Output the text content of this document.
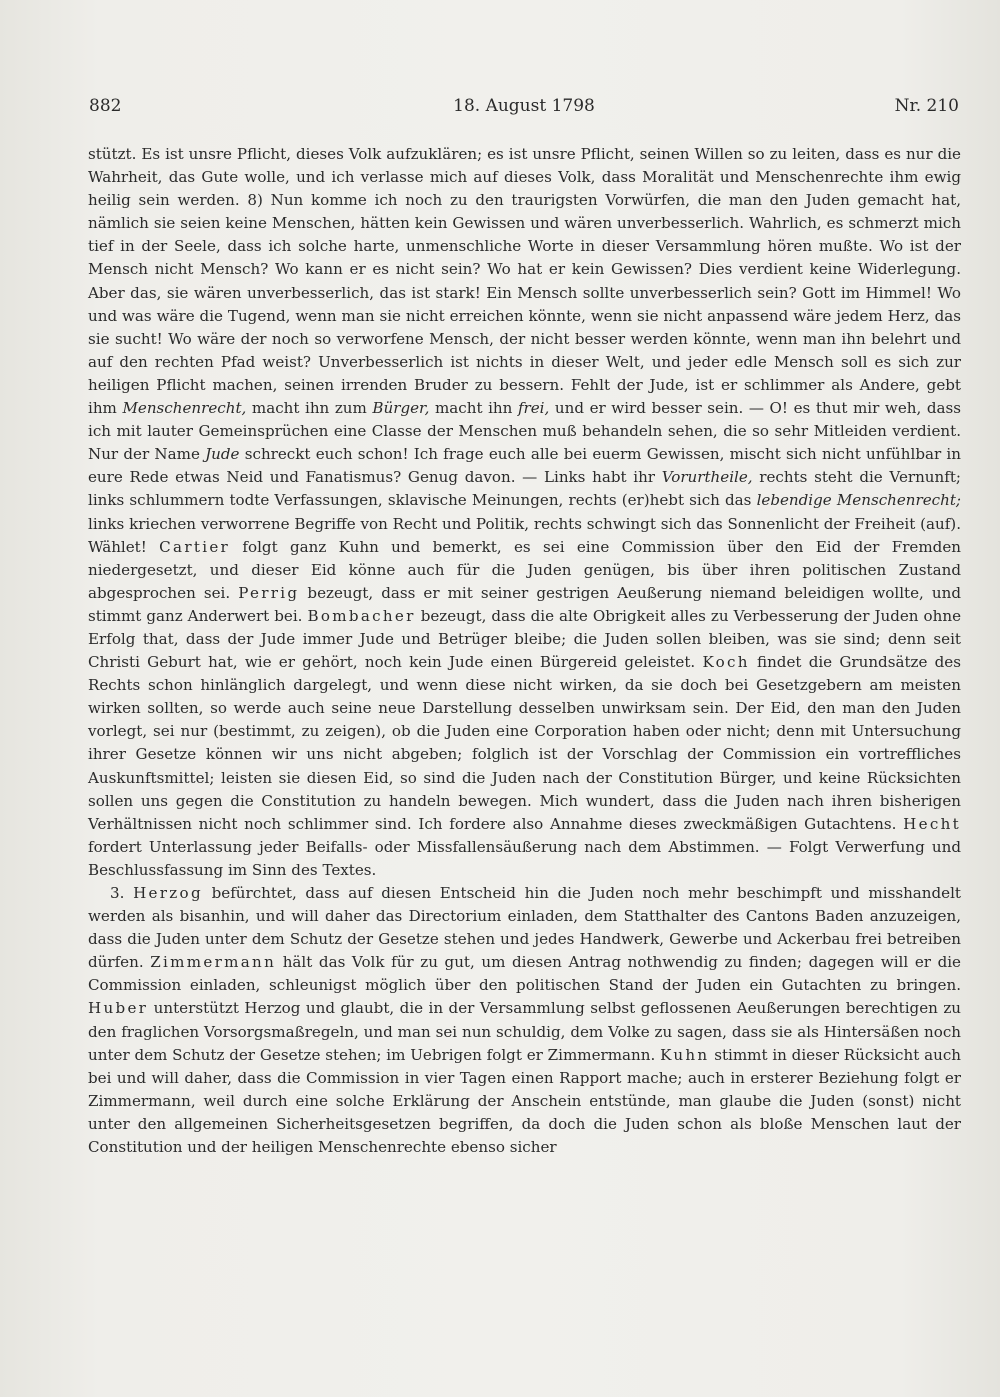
882	18. August 1798	Nr. 210

stützt. Es ist unsre Pflicht, dieses Volk aufzuklären; es ist unsre Pflicht, seinen Willen so zu leiten, dass es nur die Wahrheit, das Gute wolle, und ich verlasse mich auf dieses Volk, dass Moralität und Menschenrechte ihm ewig heilig sein werden. 8) Nun komme ich noch zu den traurigsten Vorwürfen, die man den Juden gemacht hat, nämlich sie seien keine Menschen, hätten kein Gewissen und wären unverbesserlich. Wahrlich, es schmerzt mich tief in der Seele, dass ich solche harte, unmenschliche Worte in dieser Versammlung hören mußte. Wo ist der Mensch nicht Mensch? Wo kann er es nicht sein? Wo hat er kein Gewissen? Dies verdient keine Widerlegung. Aber das, sie wären unverbesserlich, das ist stark! Ein Mensch sollte unverbesserlich sein? Gott im Himmel! Wo und was wäre die Tugend, wenn man sie nicht erreichen könnte, wenn sie nicht anpassend wäre jedem Herz, das sie sucht! Wo wäre der noch so verworfene Mensch, der nicht besser werden könnte, wenn man ihn belehrt und auf den rechten Pfad weist? Unverbesserlich ist nichts in dieser Welt, und jeder edle Mensch soll es sich zur heiligen Pflicht machen, seinen irrenden Bruder zu bessern. Fehlt der Jude, ist er schlimmer als Andere, gebt ihm Menschenrecht, macht ihn zum Bürger, macht ihn frei, und er wird besser sein. — O! es thut mir weh, dass ich mit lauter Gemeinsprüchen eine Classe der Menschen muß behandeln sehen, die so sehr Mitleiden verdient. Nur der Name Jude schreckt euch schon! Ich frage euch alle bei euerm Gewissen, mischt sich nicht unfühlbar in eure Rede etwas Neid und Fanatismus? Genug davon. — Links habt ihr Vorurtheile, rechts steht die Vernunft; links schlummern todte Verfassungen, sklavische Meinungen, rechts (er)hebt sich das lebendige Menschenrecht; links kriechen verworrene Begriffe von Recht und Politik, rechts schwingt sich das Sonnenlicht der Freiheit (auf). Wählet! Cartier folgt ganz Kuhn und bemerkt, es sei eine Commission über den Eid der Fremden niedergesetzt, und dieser Eid könne auch für die Juden genügen, bis über ihren politischen Zustand abgesprochen sei. Perrig bezeugt, dass er mit seiner gestrigen Aeußerung niemand beleidigen wollte, und stimmt ganz Anderwert bei. Bombacher bezeugt, dass die alte Obrigkeit alles zu Verbesserung der Juden ohne Erfolg that, dass der Jude immer Jude und Betrüger bleibe; die Juden sollen bleiben, was sie sind; denn seit Christi Geburt hat, wie er gehört, noch kein Jude einen Bürgereid geleistet. Koch findet die Grundsätze des Rechts schon hinlänglich dargelegt, und wenn diese nicht wirken, da sie doch bei Gesetzgebern am meisten wirken sollten, so werde auch seine neue Darstellung desselben unwirksam sein. Der Eid, den man den Juden vorlegt, sei nur (bestimmt, zu zeigen), ob die Juden eine Corporation haben oder nicht; denn mit Untersuchung ihrer Gesetze können wir uns nicht abgeben; folglich ist der Vorschlag der Commission ein vortreffliches Auskunftsmittel; leisten sie diesen Eid, so sind die Juden nach der Constitution Bürger, und keine Rücksichten sollen uns gegen die Constitution zu handeln bewegen. Mich wundert, dass die Juden nach ihren bisherigen Verhältnissen nicht noch schlimmer sind. Ich fordere also Annahme dieses zweckmäßigen Gutachtens. Hecht fordert Unterlassung jeder Beifalls- oder Missfallensäußerung nach dem Abstimmen. — Folgt Verwerfung und Beschlussfassung im Sinn des Textes.

3. Herzog befürchtet, dass auf diesen Entscheid hin die Juden noch mehr beschimpft und misshandelt werden als bisanhin, und will daher das Directorium einladen, dem Statthalter des Cantons Baden anzuzeigen, dass die Juden unter dem Schutz der Gesetze stehen und jedes Handwerk, Gewerbe und Ackerbau frei betreiben dürfen. Zimmermann hält das Volk für zu gut, um diesen Antrag nothwendig zu finden; dagegen will er die Commission einladen, schleunigst möglich über den politischen Stand der Juden ein Gutachten zu bringen. Huber unterstützt Herzog und glaubt, die in der Versammlung selbst geflossenen Aeußerungen berechtigen zu den fraglichen Vorsorgsmaßregeln, und man sei nun schuldig, dem Volke zu sagen, dass sie als Hintersäßen noch unter dem Schutz der Gesetze stehen; im Uebrigen folgt er Zimmermann. Kuhn stimmt in dieser Rücksicht auch bei und will daher, dass die Commission in vier Tagen einen Rapport mache; auch in ersterer Beziehung folgt er Zimmermann, weil durch eine solche Erklärung der Anschein entstünde, man glaube die Juden (sonst) nicht unter den allgemeinen Sicherheitsgesetzen begriffen, da doch die Juden schon als bloße Menschen laut der Constitution und der heiligen Menschenrechte ebenso sicher
